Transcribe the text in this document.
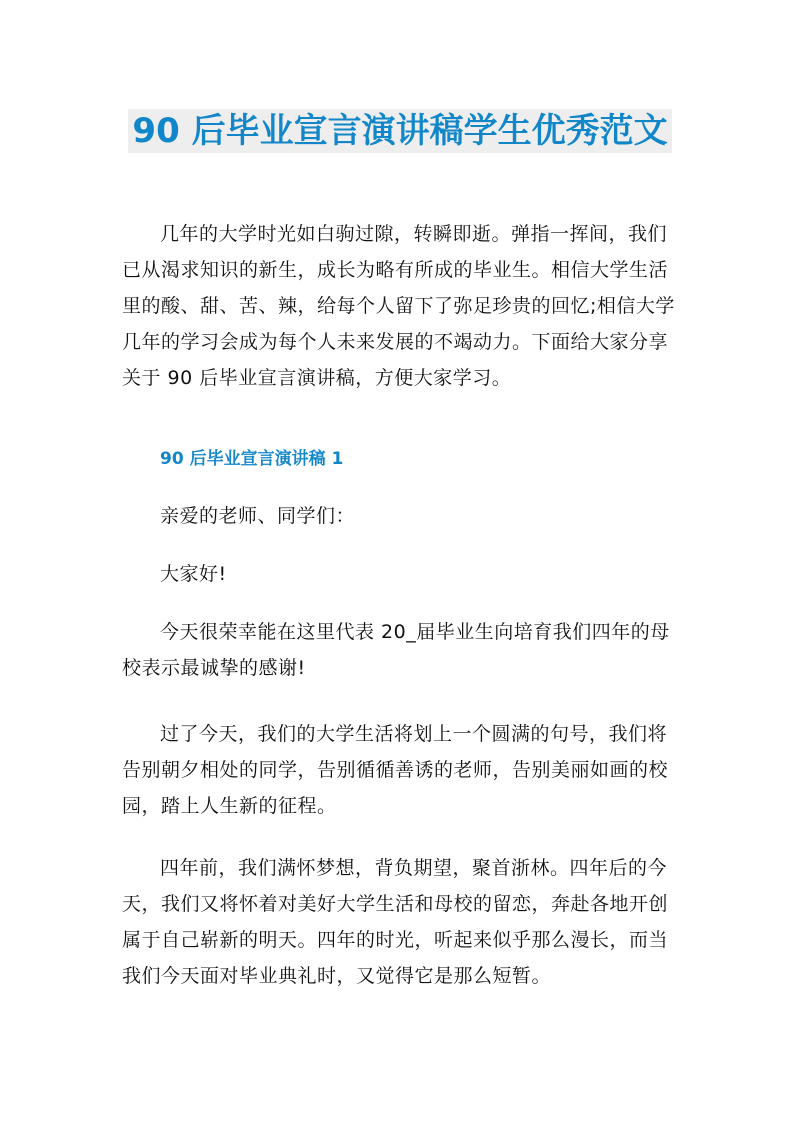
90 后毕业宣言演讲稿学生优秀范文

几年的大学时光如白驹过隙，转瞬即逝。弹指一挥间，我们已从渴求知识的新生，成长为略有所成的毕业生。相信大学生活里的酸、甜、苦、辣，给每个人留下了弥足珍贵的回忆;相信大学几年的学习会成为每个人未来发展的不竭动力。下面给大家分享关于 90 后毕业宣言演讲稿，方便大家学习。

90 后毕业宣言演讲稿 1

亲爱的老师、同学们：

大家好!

今天很荣幸能在这里代表 20_届毕业生向培育我们四年的母校表示最诚挚的感谢!

过了今天，我们的大学生活将划上一个圆满的句号，我们将告别朝夕相处的同学，告别循循善诱的老师，告别美丽如画的校园，踏上人生新的征程。

四年前，我们满怀梦想，背负期望，聚首浙林。四年后的今天，我们又将怀着对美好大学生活和母校的留恋，奔赴各地开创属于自己崭新的明天。四年的时光，听起来似乎那么漫长，而当我们今天面对毕业典礼时，又觉得它是那么短暂。
